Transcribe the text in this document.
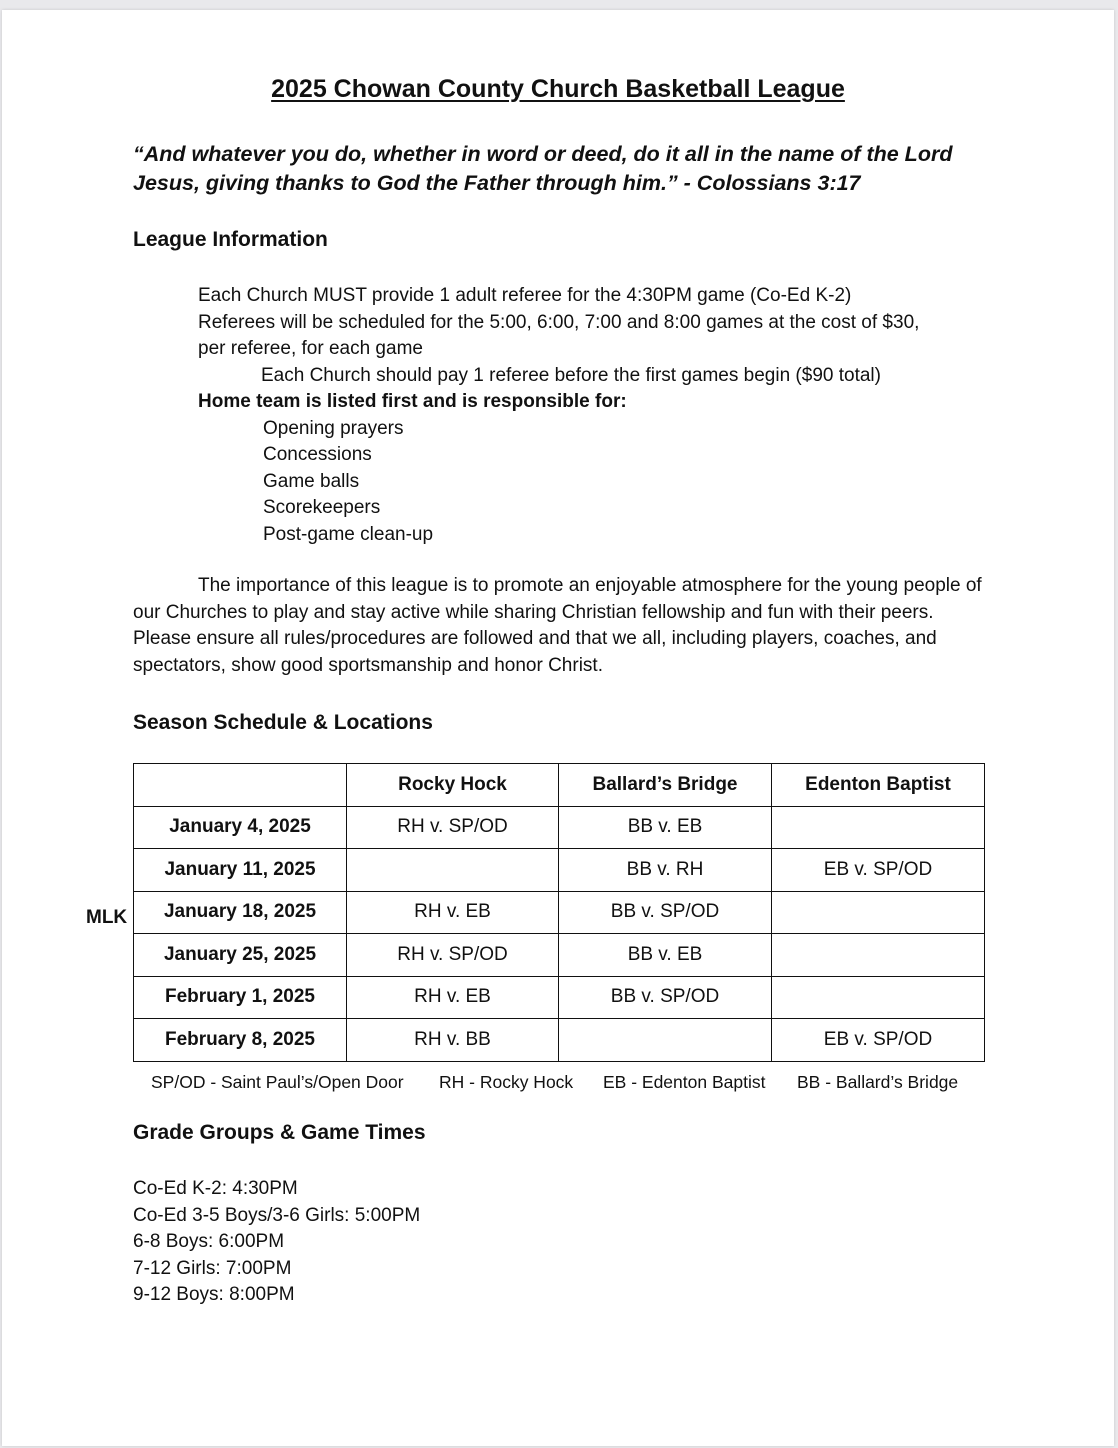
2025 Chowan County Church Basketball League
“And whatever you do, whether in word or deed, do it all in the name of the Lord Jesus, giving thanks to God the Father through him.” - Colossians 3:17
League Information
Each Church MUST provide 1 adult referee for the 4:30PM game (Co-Ed K-2)
Referees will be scheduled for the 5:00, 6:00, 7:00 and 8:00 games at the cost of $30,
per referee, for each game
Each Church should pay 1 referee before the first games begin ($90 total)
Home team is listed first and is responsible for:
Opening prayers
Concessions
Game balls
Scorekeepers
Post-game clean-up
The importance of this league is to promote an enjoyable atmosphere for the young people of our Churches to play and stay active while sharing Christian fellowship and fun with their peers. Please ensure all rules/procedures are followed and that we all, including players, coaches, and spectators, show good sportsmanship and honor Christ.
Season Schedule & Locations
MLK
	Rocky Hock	Ballard’s Bridge	Edenton Baptist
January 4, 2025	RH v. SP/OD	BB v. EB	
January 11, 2025		BB v. RH	EB v. SP/OD
January 18, 2025	RH v. EB	BB v. SP/OD	
January 25, 2025	RH v. SP/OD	BB v. EB	
February 1, 2025	RH v. EB	BB v. SP/OD	
February 8, 2025	RH v. BB		EB v. SP/OD
SP/OD - Saint Paul’s/Open Door RH - Rocky Hock EB - Edenton Baptist BB - Ballard’s Bridge
Grade Groups & Game Times
Co-Ed K-2: 4:30PM
Co-Ed 3-5 Boys/3-6 Girls: 5:00PM
6-8 Boys: 6:00PM
7-12 Girls: 7:00PM
9-12 Boys: 8:00PM
